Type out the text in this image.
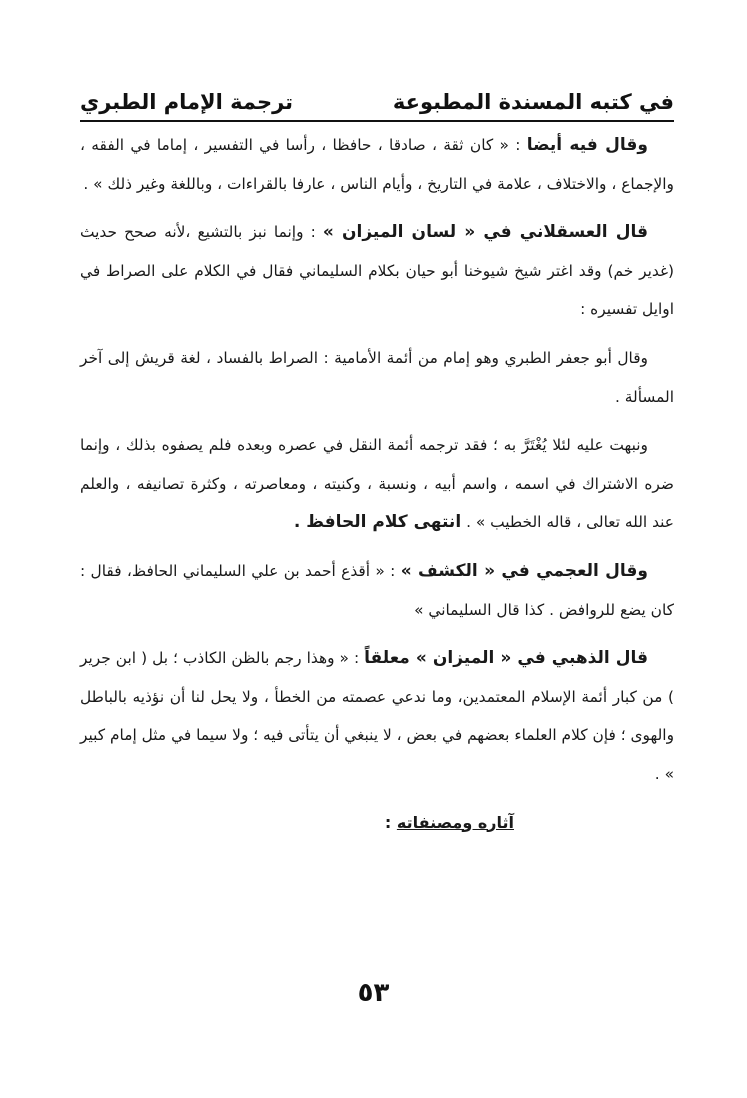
في كتبه المسندة المطبوعة
ترجمة الإمام الطبري

وقال فيه أيضا : « كان ثقة ، صادقا ، حافظا ، رأسا في التفسير ، إماما في الفقه ، والإجماع ، والاختلاف ، علامة في التاريخ ، وأيام الناس ، عارفا بالقراءات ، وباللغة وغير ذلك » .

قال العسقلاني في « لسان الميزان » : وإنما نبز بالتشيع ،لأنه صحح حديث (غدير خم) وقد اغتر شيخ شيوخنا أبو حيان بكلام السليماني فقال في الكلام على الصراط في اوايل تفسيره :

وقال أبو جعفر الطبري وهو إمام من أئمة الأمامية : الصراط بالفساد ، لغة قريش إلى آخر المسألة .

ونبهت عليه لئلا يُغْتَرَّ به ؛ فقد ترجمه أئمة النقل في عصره وبعده فلم يصفوه بذلك ، وإنما ضره الاشتراك في اسمه ، واسم أبيه ، ونسبة ، وكنيته ، ومعاصرته ، وكثرة تصانيفه ، والعلم عند الله تعالى ، قاله الخطيب » . انتهى كلام الحافظ .

وقال العجمي في « الكشف » : « أقذع أحمد بن علي السليماني الحافظ، فقال : كان يضع للروافض . كذا قال السليماني »

قال الذهبي في « الميزان » معلقاً : « وهذا رجم بالظن الكاذب ؛ بل ( ابن جرير ) من كبار أئمة الإسلام المعتمدين، وما ندعي عصمته من الخطأ ، ولا يحل لنا أن نؤذيه بالباطل والهوى ؛ فإن كلام العلماء بعضهم في بعض ، لا ينبغي أن يتأتى فيه ؛ ولا سيما في مثل إمام كبير » .

آثاره ومصنفاته :

٥٣
